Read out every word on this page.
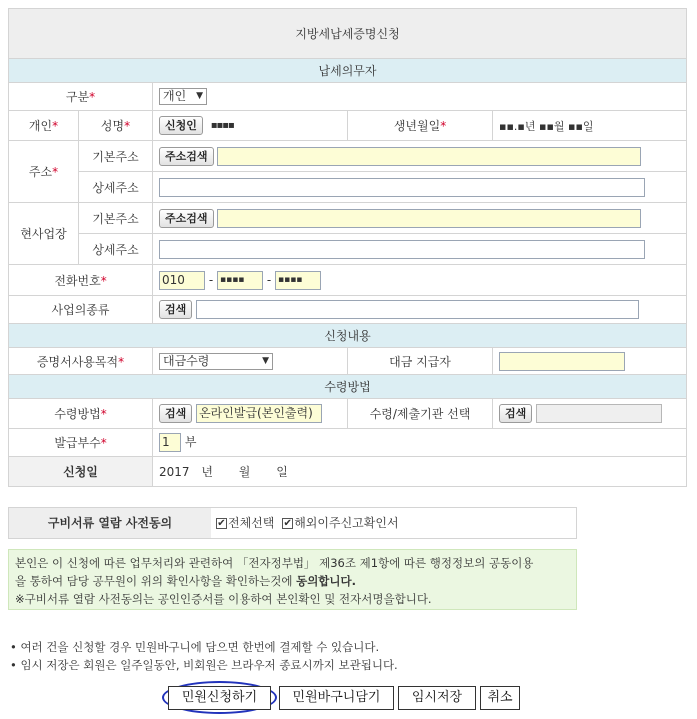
지방세납세증명신청				
납세의무자				
구분*		개인 ▼		

개인*	성명*	신청인 ▪▪▪▪	생년월일*	▪▪.▪년 ▪▪월 ▪▪일
주소*	기본주소	주소검색		
	상세주소			
현사업장	기본주소	주소검색		
	상세주소			
전화번호*		010 - ▪▪▪▪ - ▪▪▪▪		
사업의종류		검색		
신청내용				
증명서사용목적*		대금수령 ▼	대금 지급자	
수령방법				
수령방법*		검색 온라인발급(본인출력)	수령/제출기관 선택	검색
발급부수*		1 부		
신청일		2017 년 월 일		
구비서류 열람 사전동의	✔ 전체선택 ✔ 해외이주신고확인서
본인은 이 신청에 따른 업무처리와 관련하여 「전자정부법」 제36조 제1항에 따른 행정정보의 공동이용
을 통하여 담당 공무원이 위의 확인사항을 확인하는것에 동의합니다.
※구비서류 열람 사전동의는 공인인증서를 이용하여 본인확인 및 전자서명을합니다.
• 여러 건을 신청할 경우 민원바구니에 담으면 한번에 결제할 수 있습니다.
• 임시 저장은 회원은 일주일동안, 비회원은 브라우저 종료시까지 보관됩니다.
민원신청하기	민원바구니담기	임시저장	취소
